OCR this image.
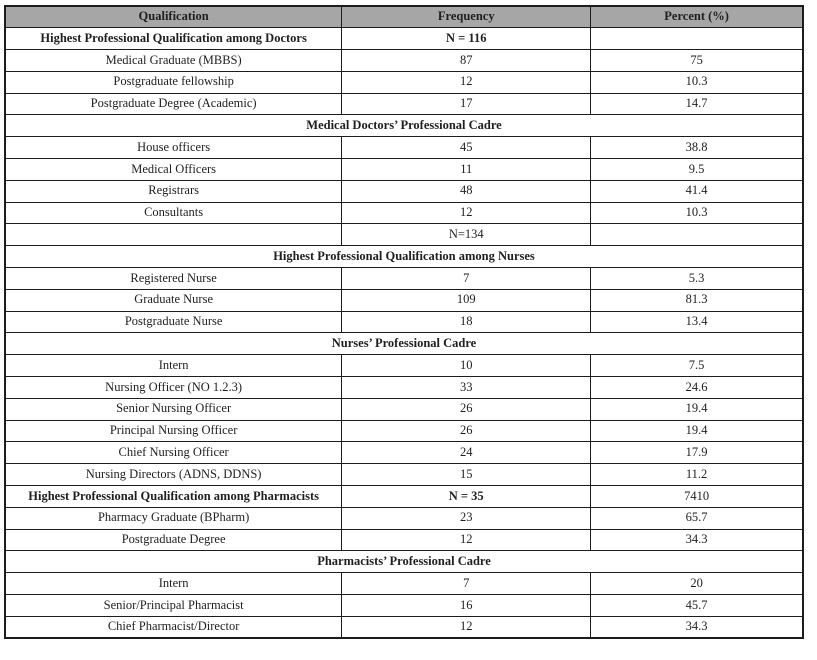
Qualification	Frequency	Percent (%)
Highest Professional Qualification among Doctors	N = 116	
Medical Graduate (MBBS)	87	75
Postgraduate fellowship	12	10.3
Postgraduate Degree (Academic)	17	14.7
Medical Doctors’ Professional Cadre		
House officers	45	38.8
Medical Officers	11	9.5
Registrars	48	41.4
Consultants	12	10.3
	N=134	
Highest Professional Qualification among Nurses		
Registered Nurse	7	5.3
Graduate Nurse	109	81.3
Postgraduate Nurse	18	13.4
Nurses’ Professional Cadre		
Intern	10	7.5
Nursing Officer (NO 1.2.3)	33	24.6
Senior Nursing Officer	26	19.4
Principal Nursing Officer	26	19.4
Chief Nursing Officer	24	17.9
Nursing Directors (ADNS, DDNS)	15	11.2
Highest Professional Qualification among Pharmacists	N = 35	7410
Pharmacy Graduate (BPharm)	23	65.7
Postgraduate Degree	12	34.3
Pharmacists’ Professional Cadre		
Intern	7	20
Senior/Principal Pharmacist	16	45.7
Chief Pharmacist/Director	12	34.3
